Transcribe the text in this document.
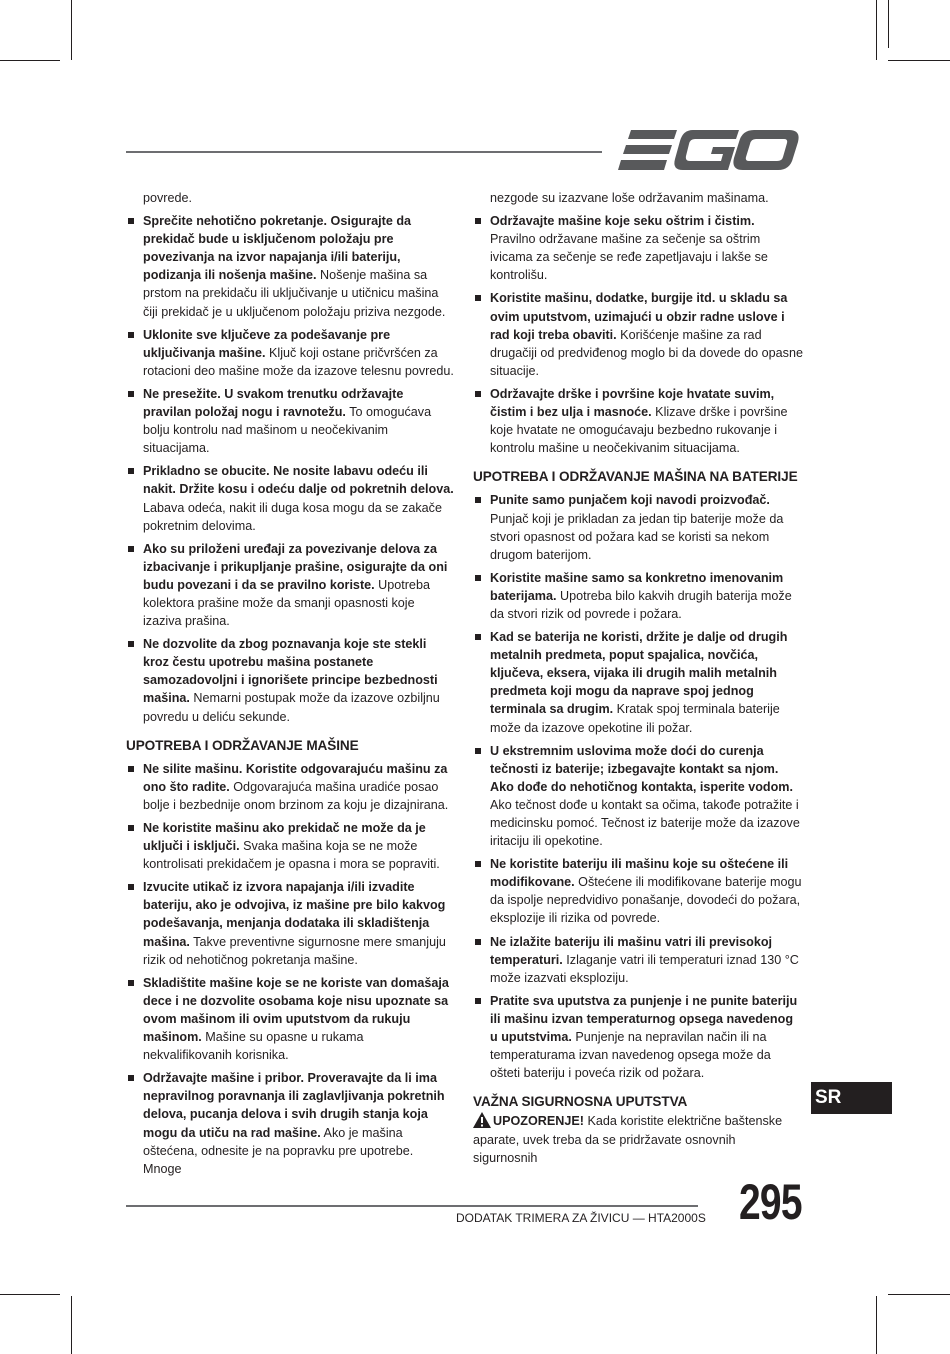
povrede.

Sprečite nehotično pokretanje. Osigurajte da prekidač bude u isključenom položaju pre povezivanja na izvor napajanja i/ili bateriju, podizanja ili nošenja mašine. Nošenje mašina sa prstom na prekidaču ili uključivanje u utičnicu mašina čiji prekidač je u uključenom položaju priziva nezgode.
Uklonite sve ključeve za podešavanje pre uključivanja mašine. Ključ koji ostane pričvršćen za rotacioni deo mašine može da izazove telesnu povredu.
Ne presežite. U svakom trenutku održavajte pravilan položaj nogu i ravnotežu. To omogućava bolju kontrolu nad mašinom u neočekivanim situacijama.
Prikladno se obucite. Ne nosite labavu odeću ili nakit. Držite kosu i odeću dalje od pokretnih delova. Labava odeća, nakit ili duga kosa mogu da se zakače pokretnim delovima.
Ako su priloženi uređaji za povezivanje delova za izbacivanje i prikupljanje prašine, osigurajte da oni budu povezani i da se pravilno koriste. Upotreba kolektora prašine može da smanji opasnosti koje izaziva prašina.
Ne dozvolite da zbog poznavanja koje ste stekli kroz čestu upotrebu mašina postanete samozadovoljni i ignorišete principe bezbednosti mašina. Nemarni postupak može da izazove ozbiljnu povredu u deliću sekunde.

UPOTREBA I ODRŽAVANJE MAŠINE

Ne silite mašinu. Koristite odgovarajuću mašinu za ono što radite. Odgovarajuća mašina uradiće posao bolje i bezbednije onom brzinom za koju je dizajnirana.
Ne koristite mašinu ako prekidač ne može da je uključi i isključi. Svaka mašina koja se ne može kontrolisati prekidačem je opasna i mora se popraviti.
Izvucite utikač iz izvora napajanja i/ili izvadite bateriju, ako je odvojiva, iz mašine pre bilo kakvog podešavanja, menjanja dodataka ili skladištenja mašina. Takve preventivne sigurnosne mere smanjuju rizik od nehotičnog pokretanja mašine.
Skladištite mašine koje se ne koriste van domašaja dece i ne dozvolite osobama koje nisu upoznate sa ovom mašinom ili ovim uputstvom da rukuju mašinom. Mašine su opasne u rukama nekvalifikovanih korisnika.
Održavajte mašine i pribor. Proveravajte da li ima nepravilnog poravnanja ili zaglavljivanja pokretnih delova, pucanja delova i svih drugih stanja koja mogu da utiču na rad mašine. Ako je mašina oštećena, odnesite je na popravku pre upotrebe. Mnoge

nezgode su izazvane loše održavanim mašinama.

Održavajte mašine koje seku oštrim i čistim. Pravilno održavane mašine za sečenje sa oštrim ivicama za sečenje se ređe zapetljavaju i lakše se kontrolišu.
Koristite mašinu, dodatke, burgije itd. u skladu sa ovim uputstvom, uzimajući u obzir radne uslove i rad koji treba obaviti. Korišćenje mašine za rad drugačiji od predviđenog moglo bi da dovede do opasne situacije.
Održavajte drške i površine koje hvatate suvim, čistim i bez ulja i masnoće. Klizave drške i površine koje hvatate ne omogućavaju bezbedno rukovanje i kontrolu mašine u neočekivanim situacijama.

UPOTREBA I ODRŽAVANJE MAŠINA NA BATERIJE

Punite samo punjačem koji navodi proizvođač. Punjač koji je prikladan za jedan tip baterije može da stvori opasnost od požara kad se koristi sa nekom drugom baterijom.
Koristite mašine samo sa konkretno imenovanim baterijama. Upotreba bilo kakvih drugih baterija može da stvori rizik od povrede i požara.
Kad se baterija ne koristi, držite je dalje od drugih metalnih predmeta, poput spajalica, novčića, ključeva, eksera, vijaka ili drugih malih metalnih predmeta koji mogu da naprave spoj jednog terminala sa drugim. Kratak spoj terminala baterije može da izazove opekotine ili požar.
U ekstremnim uslovima može doći do curenja tečnosti iz baterije; izbegavajte kontakt sa njom. Ako dođe do nehotičnog kontakta, isperite vodom. Ako tečnost dođe u kontakt sa očima, takođe potražite i medicinsku pomoć. Tečnost iz baterije može da izazove iritaciju ili opekotine.
Ne koristite bateriju ili mašinu koje su oštećene ili modifikovane. Oštećene ili modifikovane baterije mogu da ispolje nepredvidivo ponašanje, dovodeći do požara, eksplozije ili rizika od povrede.
Ne izlažite bateriju ili mašinu vatri ili previsokoj temperaturi. Izlaganje vatri ili temperaturi iznad 130 °C može izazvati eksploziju.
Pratite sva uputstva za punjenje i ne punite bateriju ili mašinu izvan temperaturnog opsega navedenog u uputstvima. Punjenje na nepravilan način ili na temperaturama izvan navedenog opsega može da ošteti bateriju i poveća rizik od požara.

VAŽNA SIGURNOSNA UPUTSTVA

UPOZORENJE! Kada koristite električne baštenske aparate, uvek treba da se pridržavate osnovnih sigurnosnih

SR
DODATAK TRIMERA ZA ŽIVICU — HTA2000S 295
